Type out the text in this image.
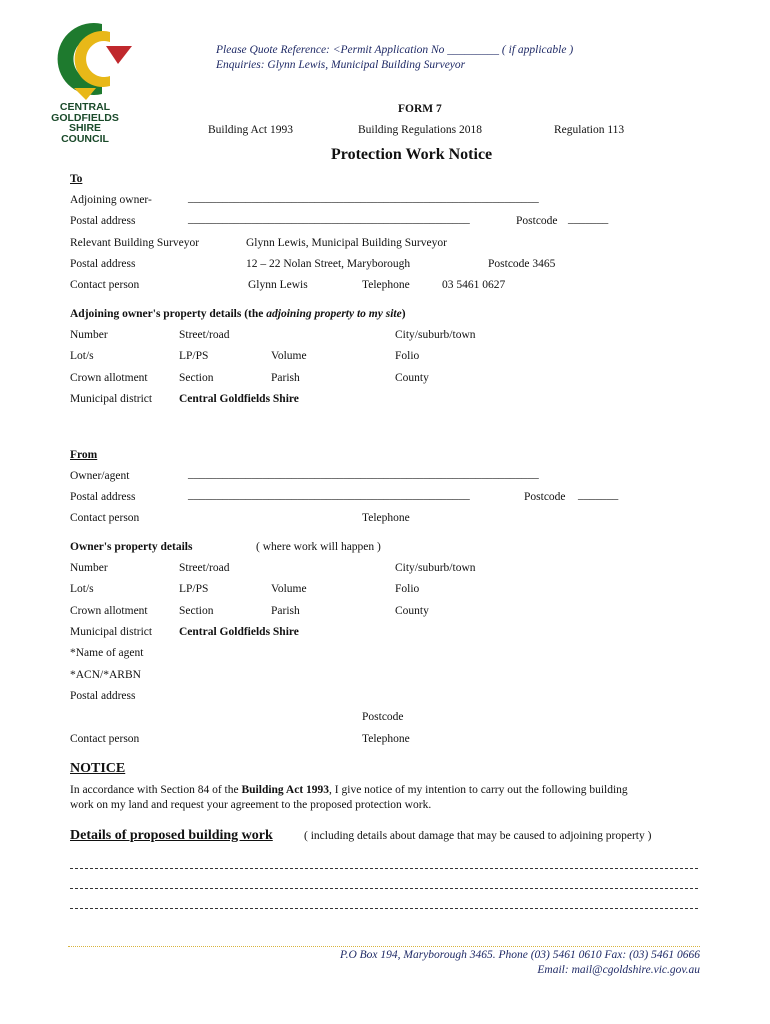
CENTRAL
GOLDFIELDS
SHIRE
COUNCIL
Please Quote Reference: <Permit Application No _________ ( if applicable )
Enquiries: Glynn Lewis, Municipal Building Surveyor
FORM 7
Building Act 1993	Building Regulations 2018	Regulation 113
Protection Work Notice
To
Adjoining owner-	_____________________________________________________________
Postal address	_________________________________________________	Postcode _______
Relevant Building Surveyor	Glynn Lewis, Municipal Building Surveyor
Postal address	12 – 22 Nolan Street, Maryborough	Postcode 3465
Contact person	Glynn Lewis	Telephone	03 5461 0627
Adjoining owner's property details (the adjoining property to my site)
Number	Street/road	City/suburb/town
Lot/s	LP/PS	Volume	Folio
Crown allotment	Section	Parish	County
Municipal district Central Goldfields Shire
From
Owner/agent	_____________________________________________________________
Postal address	_________________________________________________	Postcode _______
Contact person	Telephone
Owner's property details	( where work will happen )
Number	Street/road	City/suburb/town
Lot/s	LP/PS	Volume	Folio
Crown allotment	Section	Parish	County
Municipal district Central Goldfields Shire
*Name of agent
*ACN/*ARBN
Postal address
Postcode
Contact person	Telephone
NOTICE
In accordance with Section 84 of the Building Act 1993, I give notice of my intention to carry out the following building
work on my land and request your agreement to the proposed protection work.
Details of proposed building work	( including details about damage that may be caused to adjoining property )
P.O Box 194, Maryborough 3465. Phone (03) 5461 0610 Fax: (03) 5461 0666
Email: mail@cgoldshire.vic.gov.au
